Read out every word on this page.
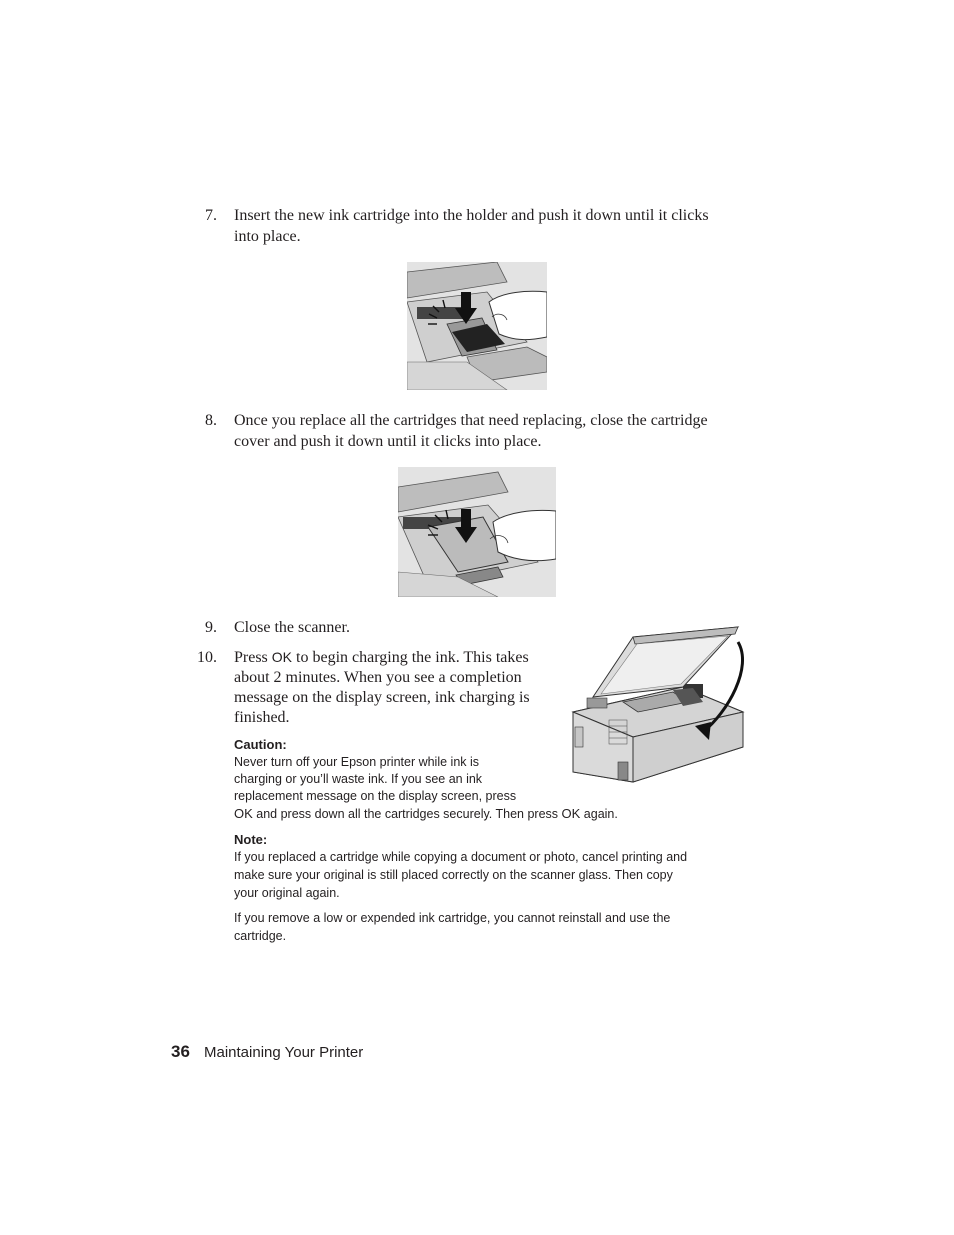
7. Insert the new ink cartridge into the holder and push it down until it clicks
into place.
8. Once you replace all the cartridges that need replacing, close the cartridge
cover and push it down until it clicks into place.
9. Close the scanner.
10. Press OK to begin charging the ink. This takes
about 2 minutes. When you see a completion
message on the display screen, ink charging is
finished.
Caution:
Never turn off your Epson printer while ink is
charging or you’ll waste ink. If you see an ink
replacement message on the display screen, press
OK and press down all the cartridges securely. Then press OK again.
Note:
If you replaced a cartridge while copying a document or photo, cancel printing and
make sure your original is still placed correctly on the scanner glass. Then copy
your original again.
If you remove a low or expended ink cartridge, you cannot reinstall and use the
cartridge.
36 Maintaining Your Printer
